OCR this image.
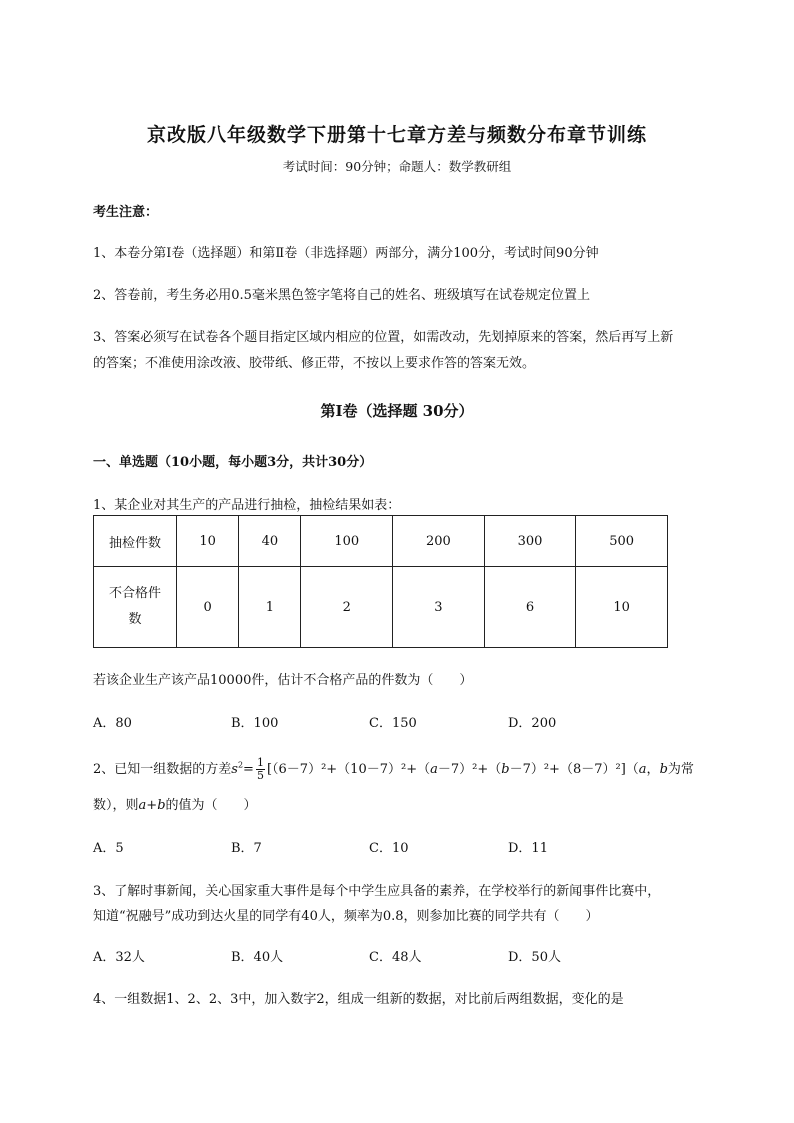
京改版八年级数学下册第十七章方差与频数分布章节训练
考试时间：90分钟；命题人：数学教研组
考生注意：
1、本卷分第Ⅰ卷（选择题）和第Ⅱ卷（非选择题）两部分，满分100分，考试时间90分钟
2、答卷前，考生务必用0.5毫米黑色签字笔将自己的姓名、班级填写在试卷规定位置上
3、答案必须写在试卷各个题目指定区域内相应的位置，如需改动，先划掉原来的答案，然后再写上新
的答案；不准使用涂改液、胶带纸、修正带，不按以上要求作答的答案无效。
第Ⅰ卷（选择题 30分）
一、单选题（10小题，每小题3分，共计30分）
1、某企业对其生产的产品进行抽检，抽检结果如表：
抽检件数	10	40	100	200	300	500
不合格件
数	0	1	2	3	6	10
若该企业生产该产品10000件，估计不合格产品的件数为（　　）
A．80	B．100	C．150	D．200
2、已知一组数据的方差$s^2= \frac{1}{5} [(6-7)^2+(10-7)^2+(a-7)^2+(b-7)^2+(8-7)^2](a$，b为常
数），则a+b的值为（　　）
A．5	B．7	C．10	D．11
3、了解时事新闻，关心国家重大事件是每个中学生应具备的素养，在学校举行的新闻事件比赛中，
知道“祝融号”成功到达火星的同学有40人，频率为0.8，则参加比赛的同学共有（　　）
A．32人	B．40人	C．48人	D．50人
4、一组数据1、2、2、3中，加入数字2，组成一组新的数据，对比前后两组数据，变化的是
